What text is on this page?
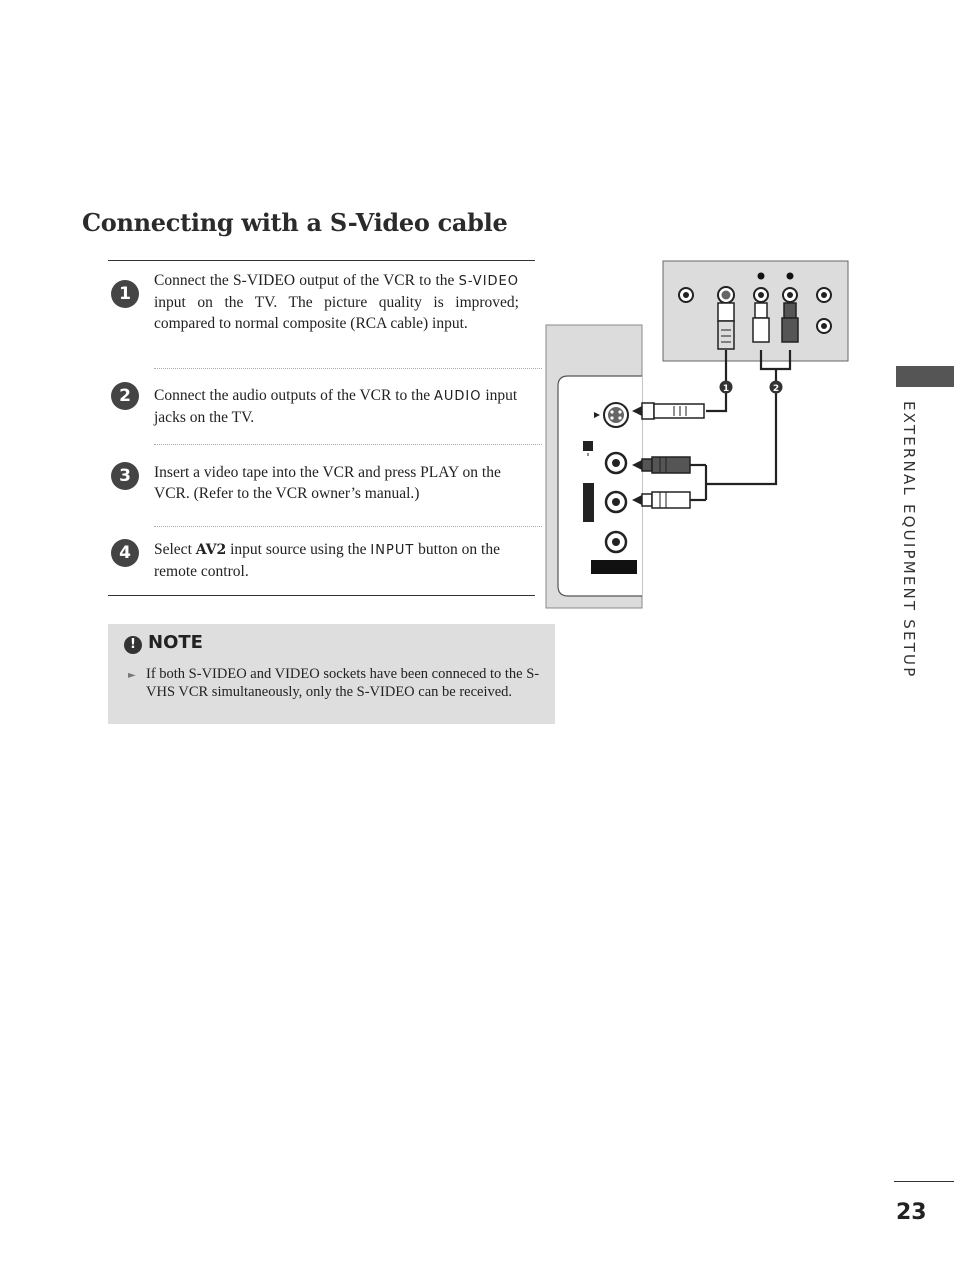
Connecting with a S-Video cable
1
Connect the S-VIDEO output of the VCR to the S-VIDEO input on the TV. The picture quality is improved; compared to normal composite (RCA cable) input.
2	Connect the audio outputs of the VCR to the AUDIO input jacks on the TV.
3	Insert a video tape into the VCR and press PLAY on the VCR. (Refer to the VCR owner’s manual.)
4	Select AV2 input source using the INPUT button on the remote control.
! NOTE
► If both S-VIDEO and VIDEO sockets have been conneced to the S-VHS VCR simultaneously, only the S-VIDEO can be received.
1	2
EXTERNAL EQUIPMENT SETUP
23
